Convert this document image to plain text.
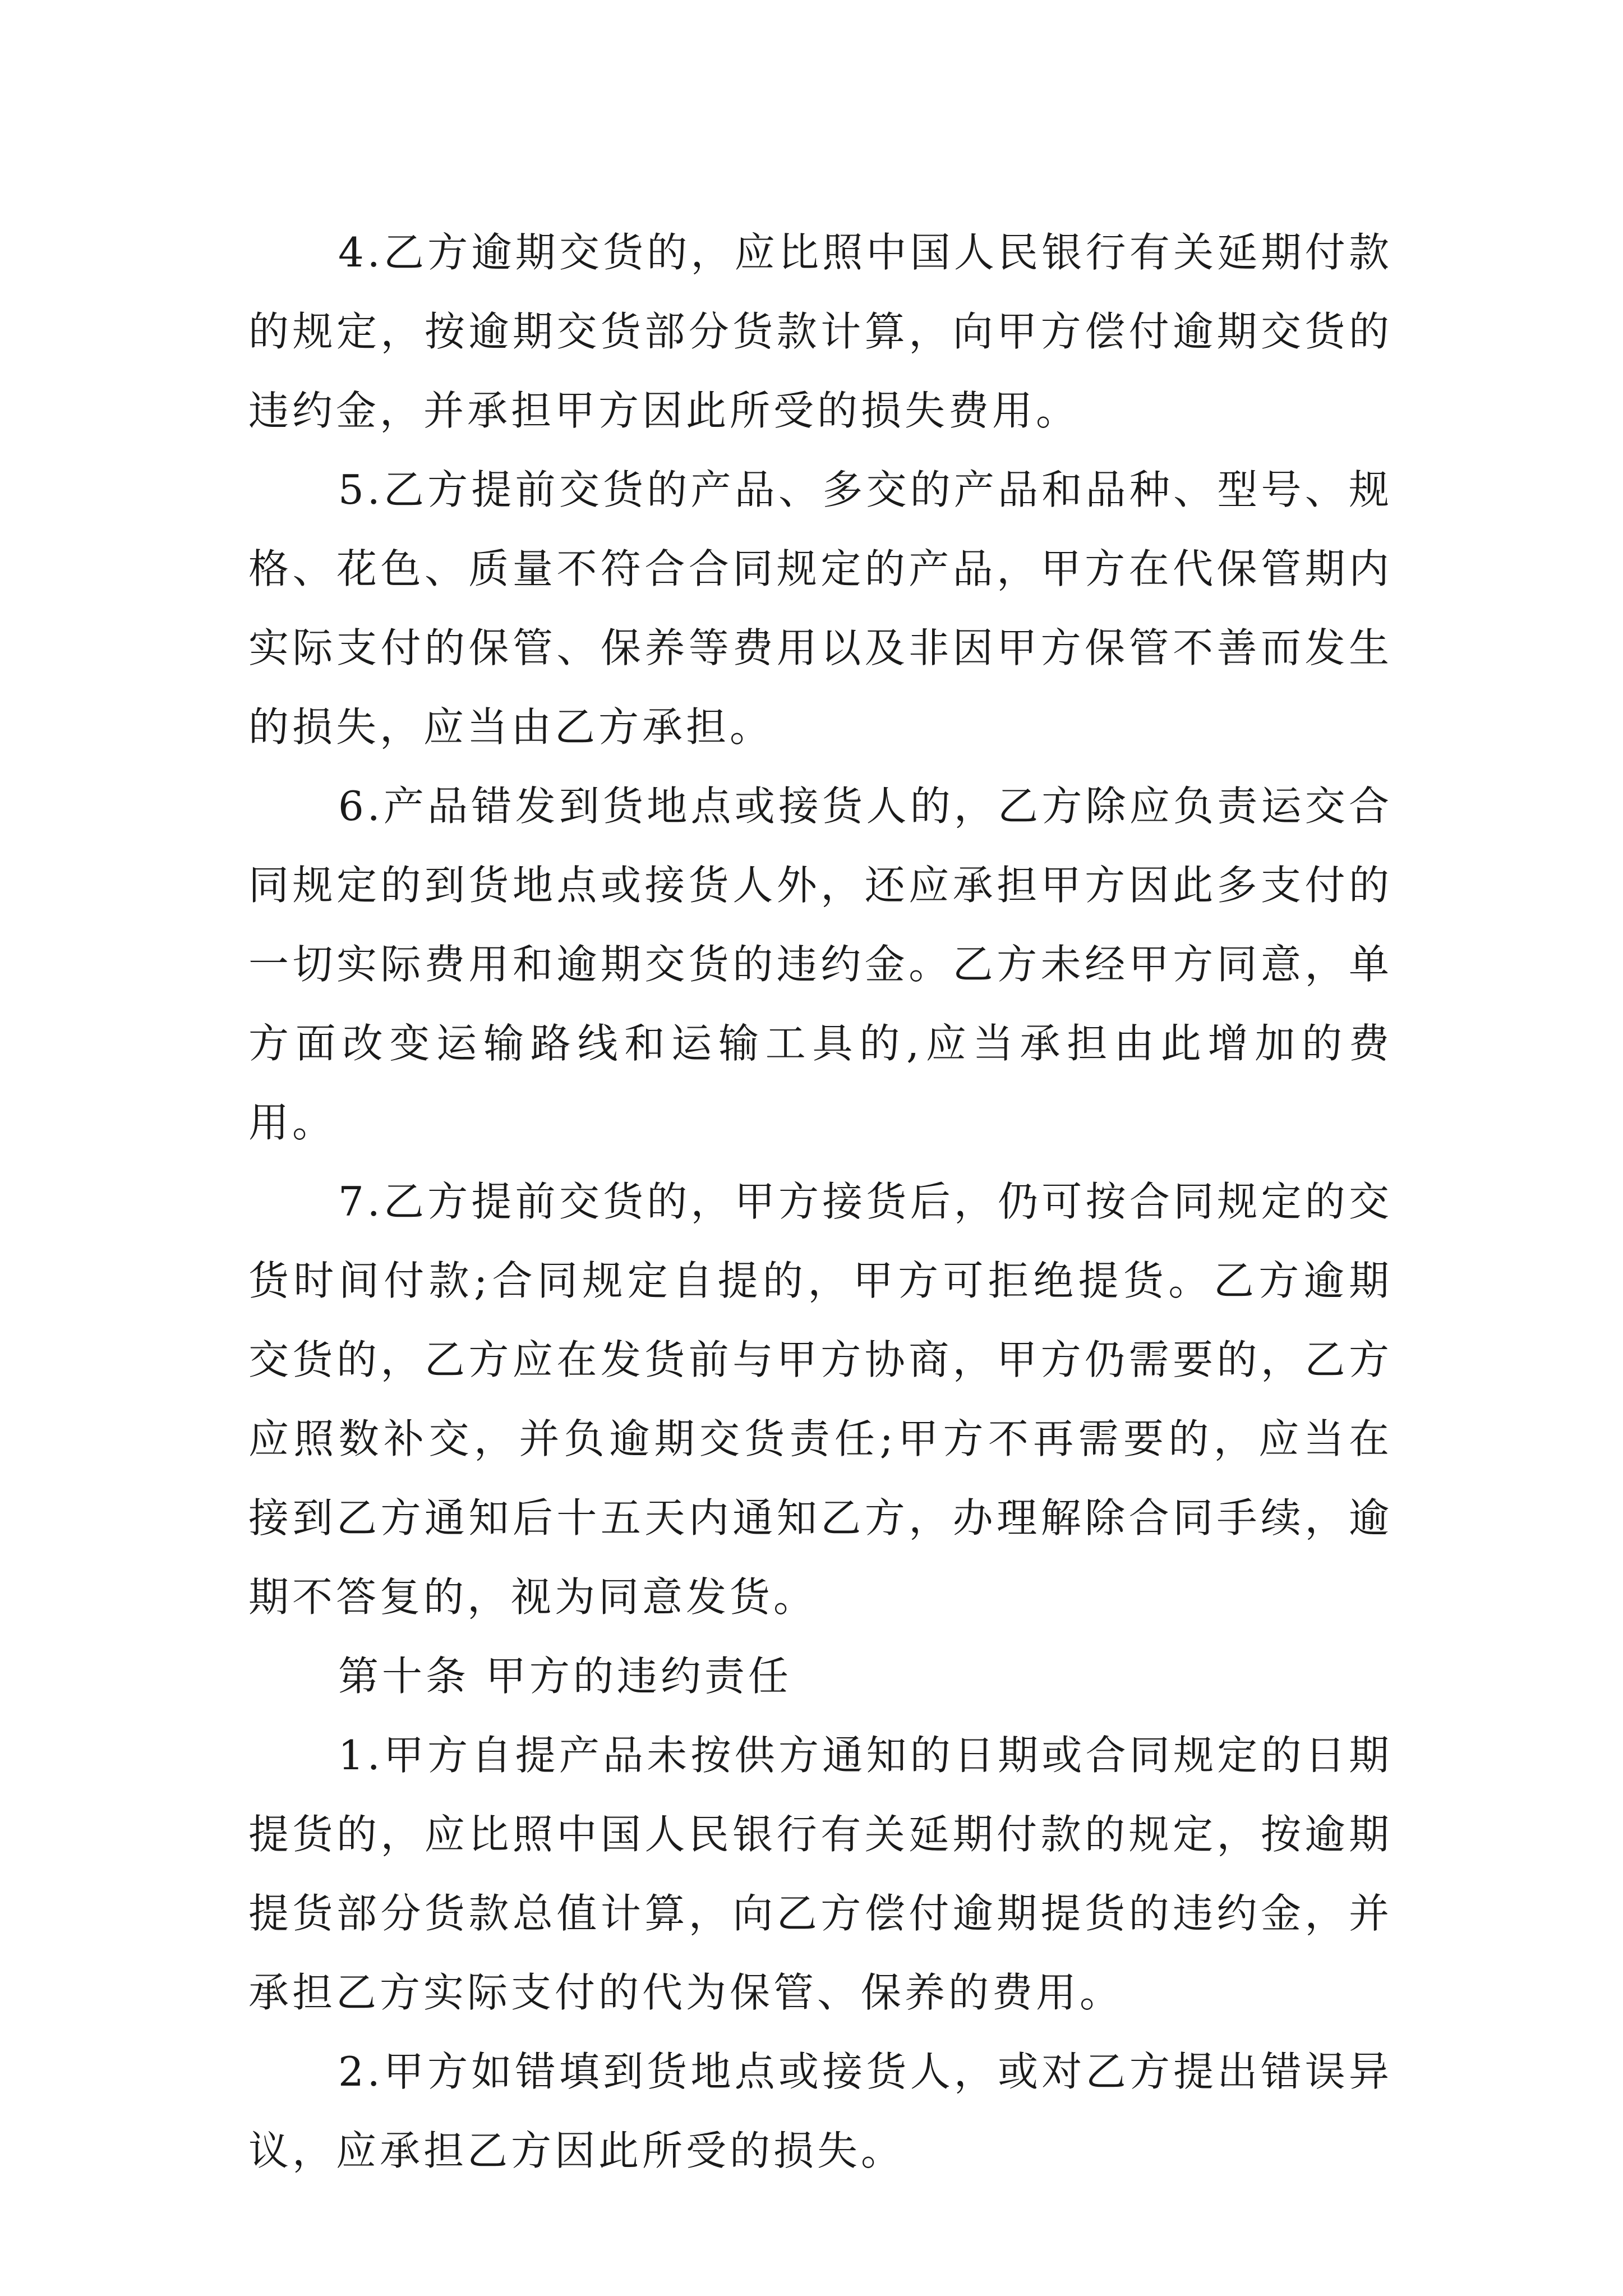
4.乙方逾期交货的，应比照中国人民银行有关延期付款的规定，按逾期交货部分货款计算，向甲方偿付逾期交货的违约金，并承担甲方因此所受的损失费用。

5.乙方提前交货的产品、多交的产品和品种、型号、规格、花色、质量不符合合同规定的产品，甲方在代保管期内实际支付的保管、保养等费用以及非因甲方保管不善而发生的损失，应当由乙方承担。

6.产品错发到货地点或接货人的，乙方除应负责运交合同规定的到货地点或接货人外，还应承担甲方因此多支付的一切实际费用和逾期交货的违约金。乙方未经甲方同意，单方面改变运输路线和运输工具的,应当承担由此增加的费用。

7.乙方提前交货的，甲方接货后，仍可按合同规定的交货时间付款;合同规定自提的，甲方可拒绝提货。乙方逾期交货的，乙方应在发货前与甲方协商，甲方仍需要的，乙方应照数补交，并负逾期交货责任;甲方不再需要的，应当在接到乙方通知后十五天内通知乙方，办理解除合同手续，逾期不答复的，视为同意发货。

第十条 甲方的违约责任

1.甲方自提产品未按供方通知的日期或合同规定的日期提货的，应比照中国人民银行有关延期付款的规定，按逾期提货部分货款总值计算，向乙方偿付逾期提货的违约金，并承担乙方实际支付的代为保管、保养的费用。

2.甲方如错填到货地点或接货人，或对乙方提出错误异议，应承担乙方因此所受的损失。
